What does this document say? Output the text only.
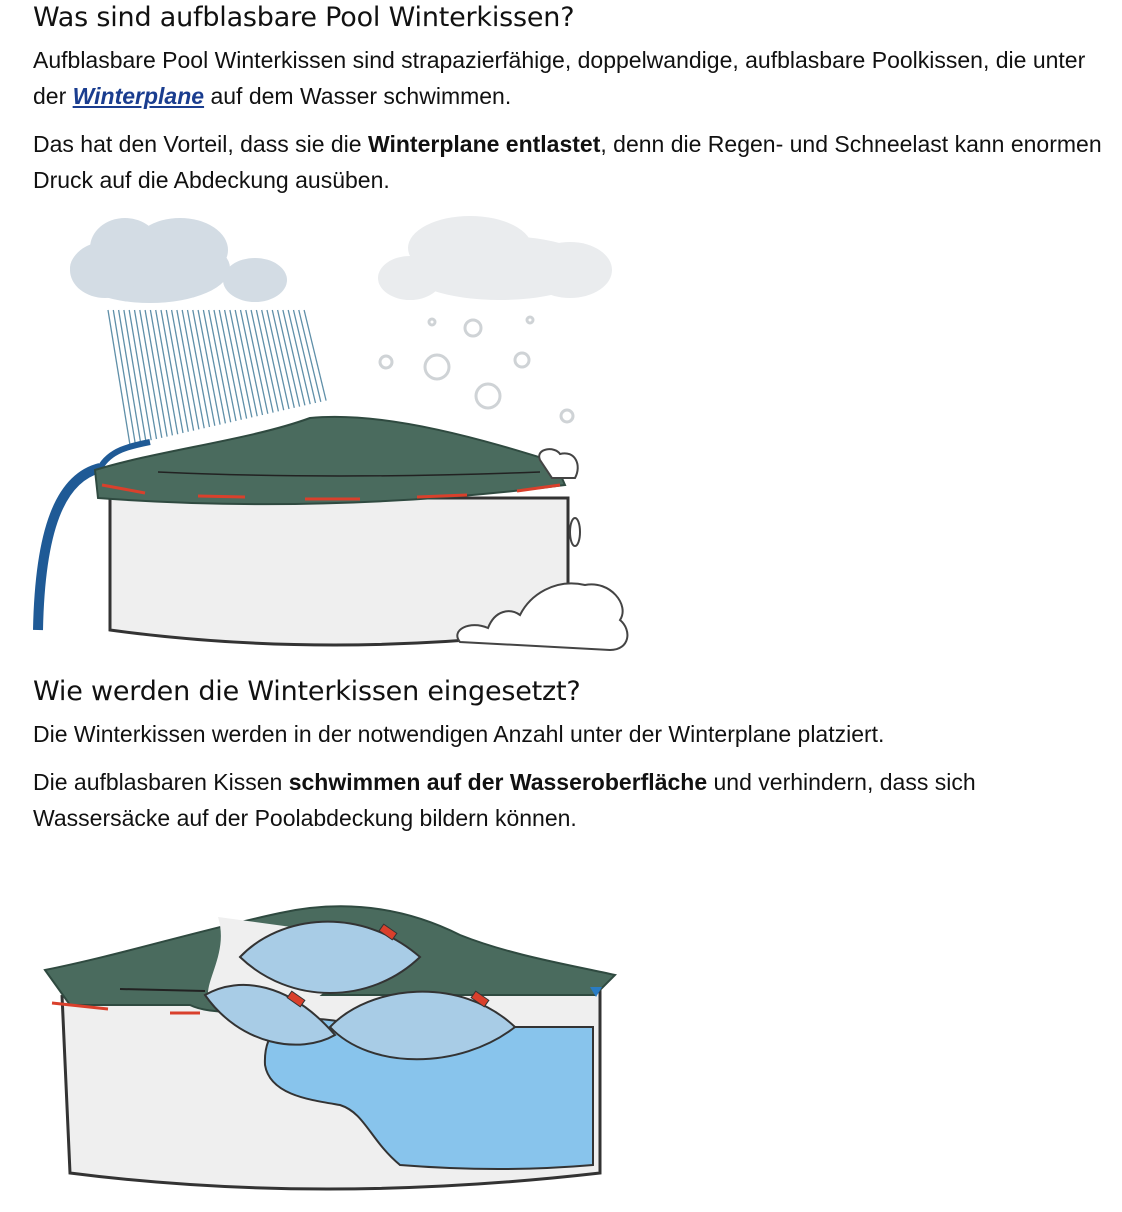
Was sind aufblasbare Pool Winterkissen?

Aufblasbare Pool Winterkissen sind strapazierfähige, doppelwandige, aufblasbare Poolkissen, die unter der Winterplane auf dem Wasser schwimmen.

Das hat den Vorteil, dass sie die Winterplane entlastet, denn die Regen- und Schneelast kann enormen Druck auf die Abdeckung ausüben.

Wie werden die Winterkissen eingesetzt?

Die Winterkissen werden in der notwendigen Anzahl unter der Winterplane platziert.

Die aufblasbaren Kissen schwimmen auf der Wasseroberfläche und verhindern, dass sich Wassersäcke auf der Poolabdeckung bildern können.
